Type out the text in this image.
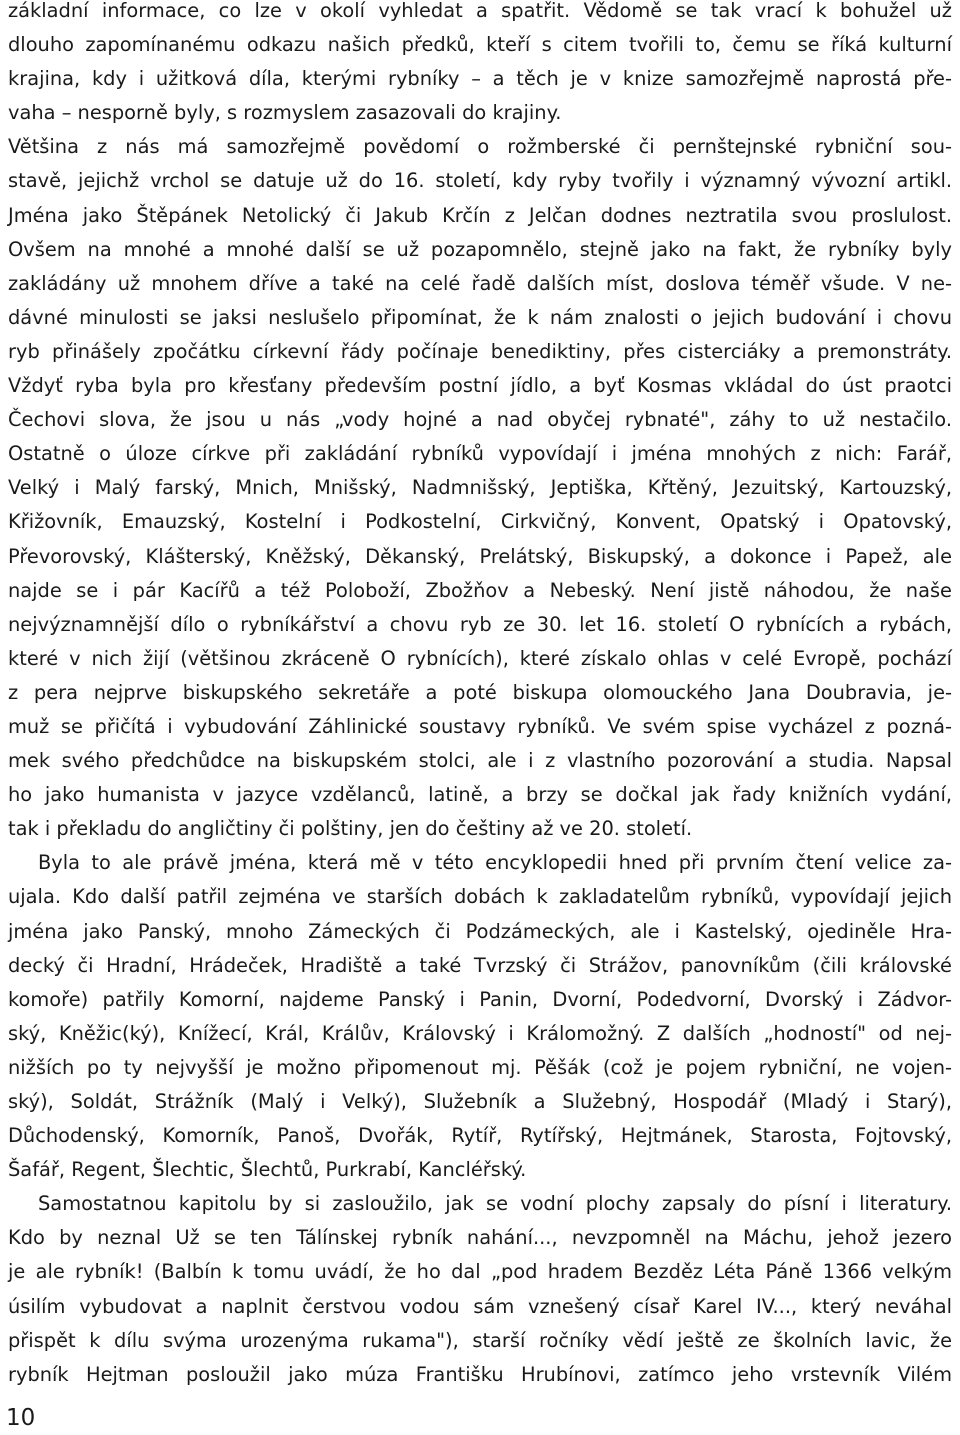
základní informace, co lze v okolí vyhledat a spatřit. Vědomě se tak vrací k bohužel už
dlouho zapomínanému odkazu našich předků, kteří s citem tvořili to, čemu se říká kulturní
krajina, kdy i užitková díla, kterými rybníky – a těch je v knize samozřejmě naprostá pře-
vaha – nesporně byly, s rozmyslem zasazovali do krajiny.
Většina z nás má samozřejmě povědomí o rožmberské či pernštejnské rybniční sou-
stavě, jejichž vrchol se datuje už do 16. století, kdy ryby tvořily i významný vývozní artikl.
Jména jako Štěpánek Netolický či Jakub Krčín z Jelčan dodnes neztratila svou proslulost.
Ovšem na mnohé a mnohé další se už pozapomnělo, stejně jako na fakt, že rybníky byly
zakládány už mnohem dříve a také na celé řadě dalších míst, doslova téměř všude. V ne-
dávné minulosti se jaksi neslušelo připomínat, že k nám znalosti o jejich budování i chovu
ryb přinášely zpočátku církevní řády počínaje benediktiny, přes cisterciáky a premonstráty.
Vždyť ryba byla pro křesťany především postní jídlo, a byť Kosmas vkládal do úst praotci
Čechovi slova, že jsou u nás „vody hojné a nad obyčej rybnaté", záhy to už nestačilo.
Ostatně o úloze církve při zakládání rybníků vypovídají i jména mnohých z nich: Farář,
Velký i Malý farský, Mnich, Mnišský, Nadmnišský, Jeptiška, Křtěný, Jezuitský, Kartouzský,
Křižovník, Emauzský, Kostelní i Podkostelní, Cirkvičný, Konvent, Opatský i Opatovský,
Převorovský, Klášterský, Kněžský, Děkanský, Prelátský, Biskupský, a dokonce i Papež, ale
najde se i pár Kacířů a též Poloboží, Zbožňov a Nebeský. Není jistě náhodou, že naše
nejvýznamnější dílo o rybníkářství a chovu ryb ze 30. let 16. století O rybnících a rybách,
které v nich žijí (většinou zkráceně O rybnících), které získalo ohlas v celé Evropě, pochází
z pera nejprve biskupského sekretáře a poté biskupa olomouckého Jana Doubravia, je-
muž se přičítá i vybudování Záhlinické soustavy rybníků. Ve svém spise vycházel z pozná-
mek svého předchůdce na biskupském stolci, ale i z vlastního pozorování a studia. Napsal
ho jako humanista v jazyce vzdělanců, latině, a brzy se dočkal jak řady knižních vydání,
tak i překladu do angličtiny či polštiny, jen do češtiny až ve 20. století.
Byla to ale právě jména, která mě v této encyklopedii hned při prvním čtení velice za-
ujala. Kdo další patřil zejména ve starších dobách k zakladatelům rybníků, vypovídají jejich
jména jako Panský, mnoho Zámeckých či Podzámeckých, ale i Kastelský, ojediněle Hra-
decký či Hradní, Hrádeček, Hradiště a také Tvrzský či Strážov, panovníkům (čili královské
komoře) patřily Komorní, najdeme Panský i Panin, Dvorní, Podedvorní, Dvorský i Zádvor-
ský, Kněžic(ký), Knížecí, Král, Králův, Královský i Králomožný. Z dalších „hodností" od nej-
nižších po ty nejvyšší je možno připomenout mj. Pěšák (což je pojem rybniční, ne vojen-
ský), Soldát, Strážník (Malý i Velký), Služebník a Služebný, Hospodář (Mladý i Starý),
Důchodenský, Komorník, Panoš, Dvořák, Rytíř, Rytířský, Hejtmánek, Starosta, Fojtovský,
Šafář, Regent, Šlechtic, Šlechtů, Purkrabí, Kancléřský.
Samostatnou kapitolu by si zasloužilo, jak se vodní plochy zapsaly do písní i literatury.
Kdo by neznal Už se ten Tálínskej rybník nahání..., nevzpomněl na Máchu, jehož jezero
je ale rybník! (Balbín k tomu uvádí, že ho dal „pod hradem Bezděz Léta Páně 1366 velkým
úsilím vybudovat a naplnit čerstvou vodou sám vznešený císař Karel IV..., který neváhal
přispět k dílu svýma urozenýma rukama"), starší ročníky vědí ještě ze školních lavic, že
rybník Hejtman posloužil jako múza Františku Hrubínovi, zatímco jeho vrstevník Vilém
10
